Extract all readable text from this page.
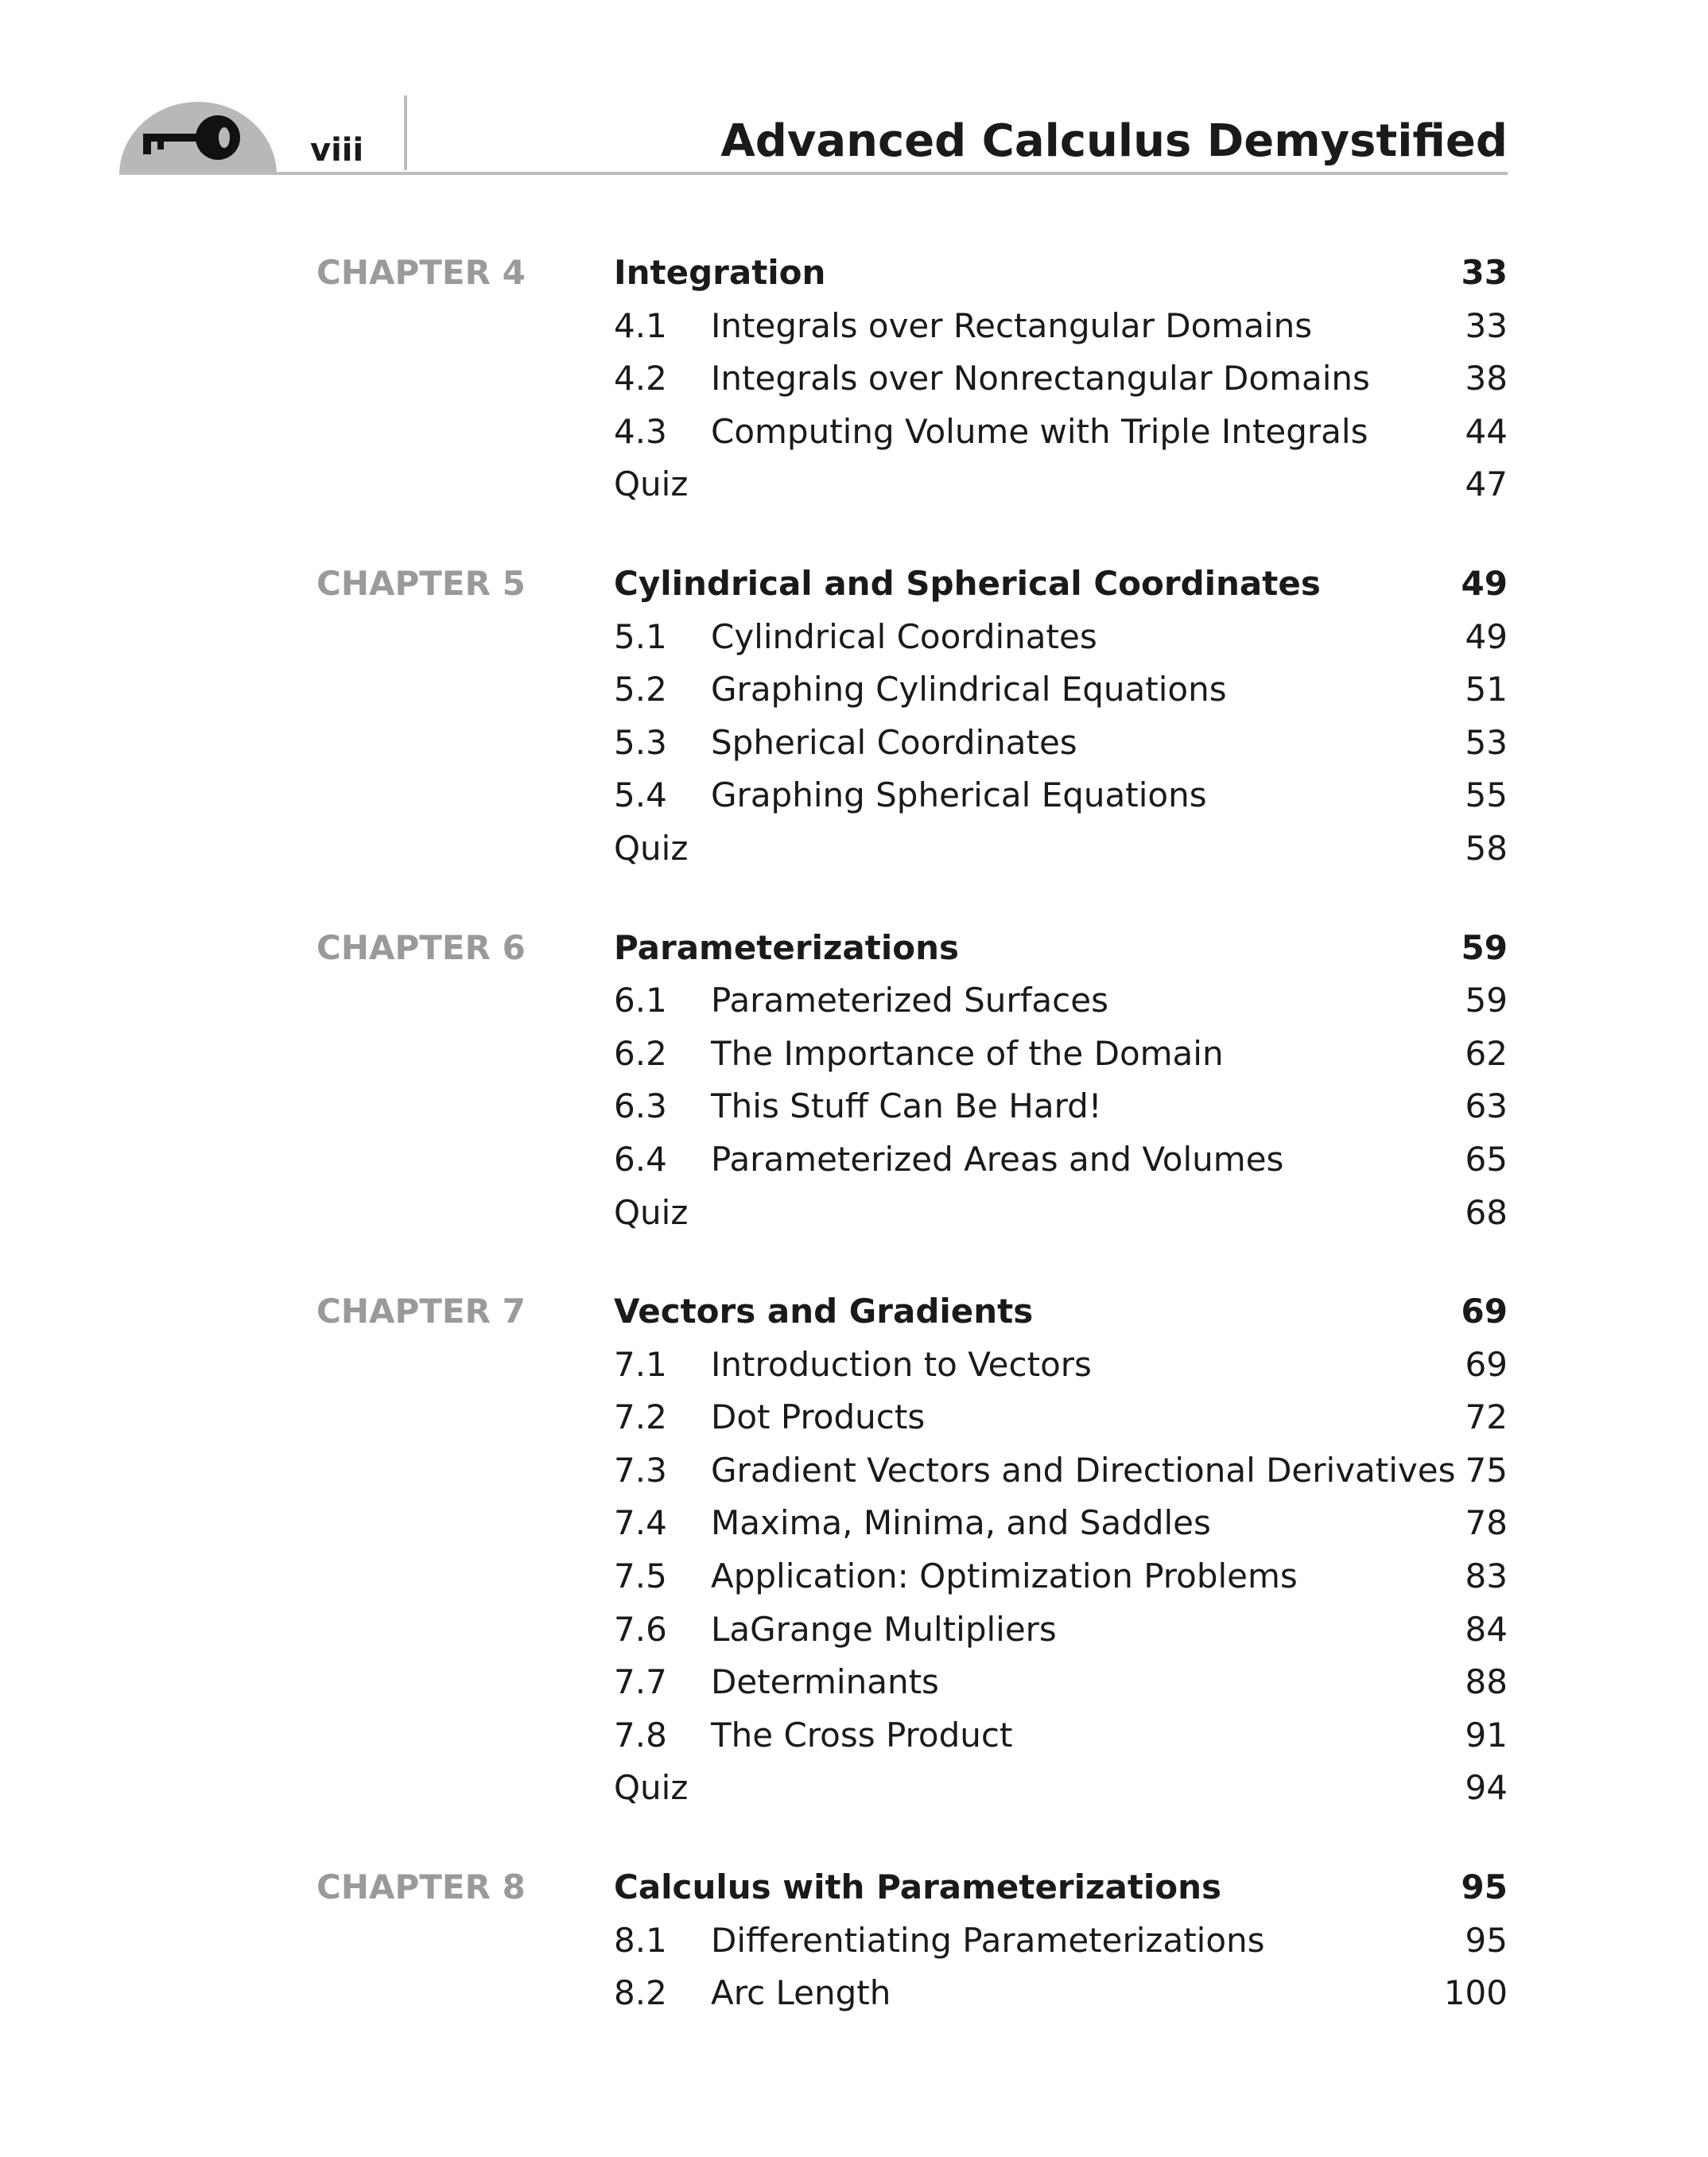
viii	Advanced Calculus Demystified
CHAPTER 4	Integration	33
4.1 Integrals over Rectangular Domains	33
4.2 Integrals over Nonrectangular Domains	38
4.3 Computing Volume with Triple Integrals	44
Quiz	47
CHAPTER 5	Cylindrical and Spherical Coordinates	49
5.1 Cylindrical Coordinates	49
5.2 Graphing Cylindrical Equations	51
5.3 Spherical Coordinates	53
5.4 Graphing Spherical Equations	55
Quiz	58
CHAPTER 6	Parameterizations	59
6.1 Parameterized Surfaces	59
6.2 The Importance of the Domain	62
6.3 This Stuff Can Be Hard!	63
6.4 Parameterized Areas and Volumes	65
Quiz	68
CHAPTER 7	Vectors and Gradients	69
7.1 Introduction to Vectors	69
7.2 Dot Products	72
7.3 Gradient Vectors and Directional Derivatives 75
7.4 Maxima, Minima, and Saddles	78
7.5 Application: Optimization Problems	83
7.6 LaGrange Multipliers	84
7.7 Determinants	88
7.8 The Cross Product	91
Quiz	94
CHAPTER 8	Calculus with Parameterizations	95
8.1 Differentiating Parameterizations	95
8.2 Arc Length	100
